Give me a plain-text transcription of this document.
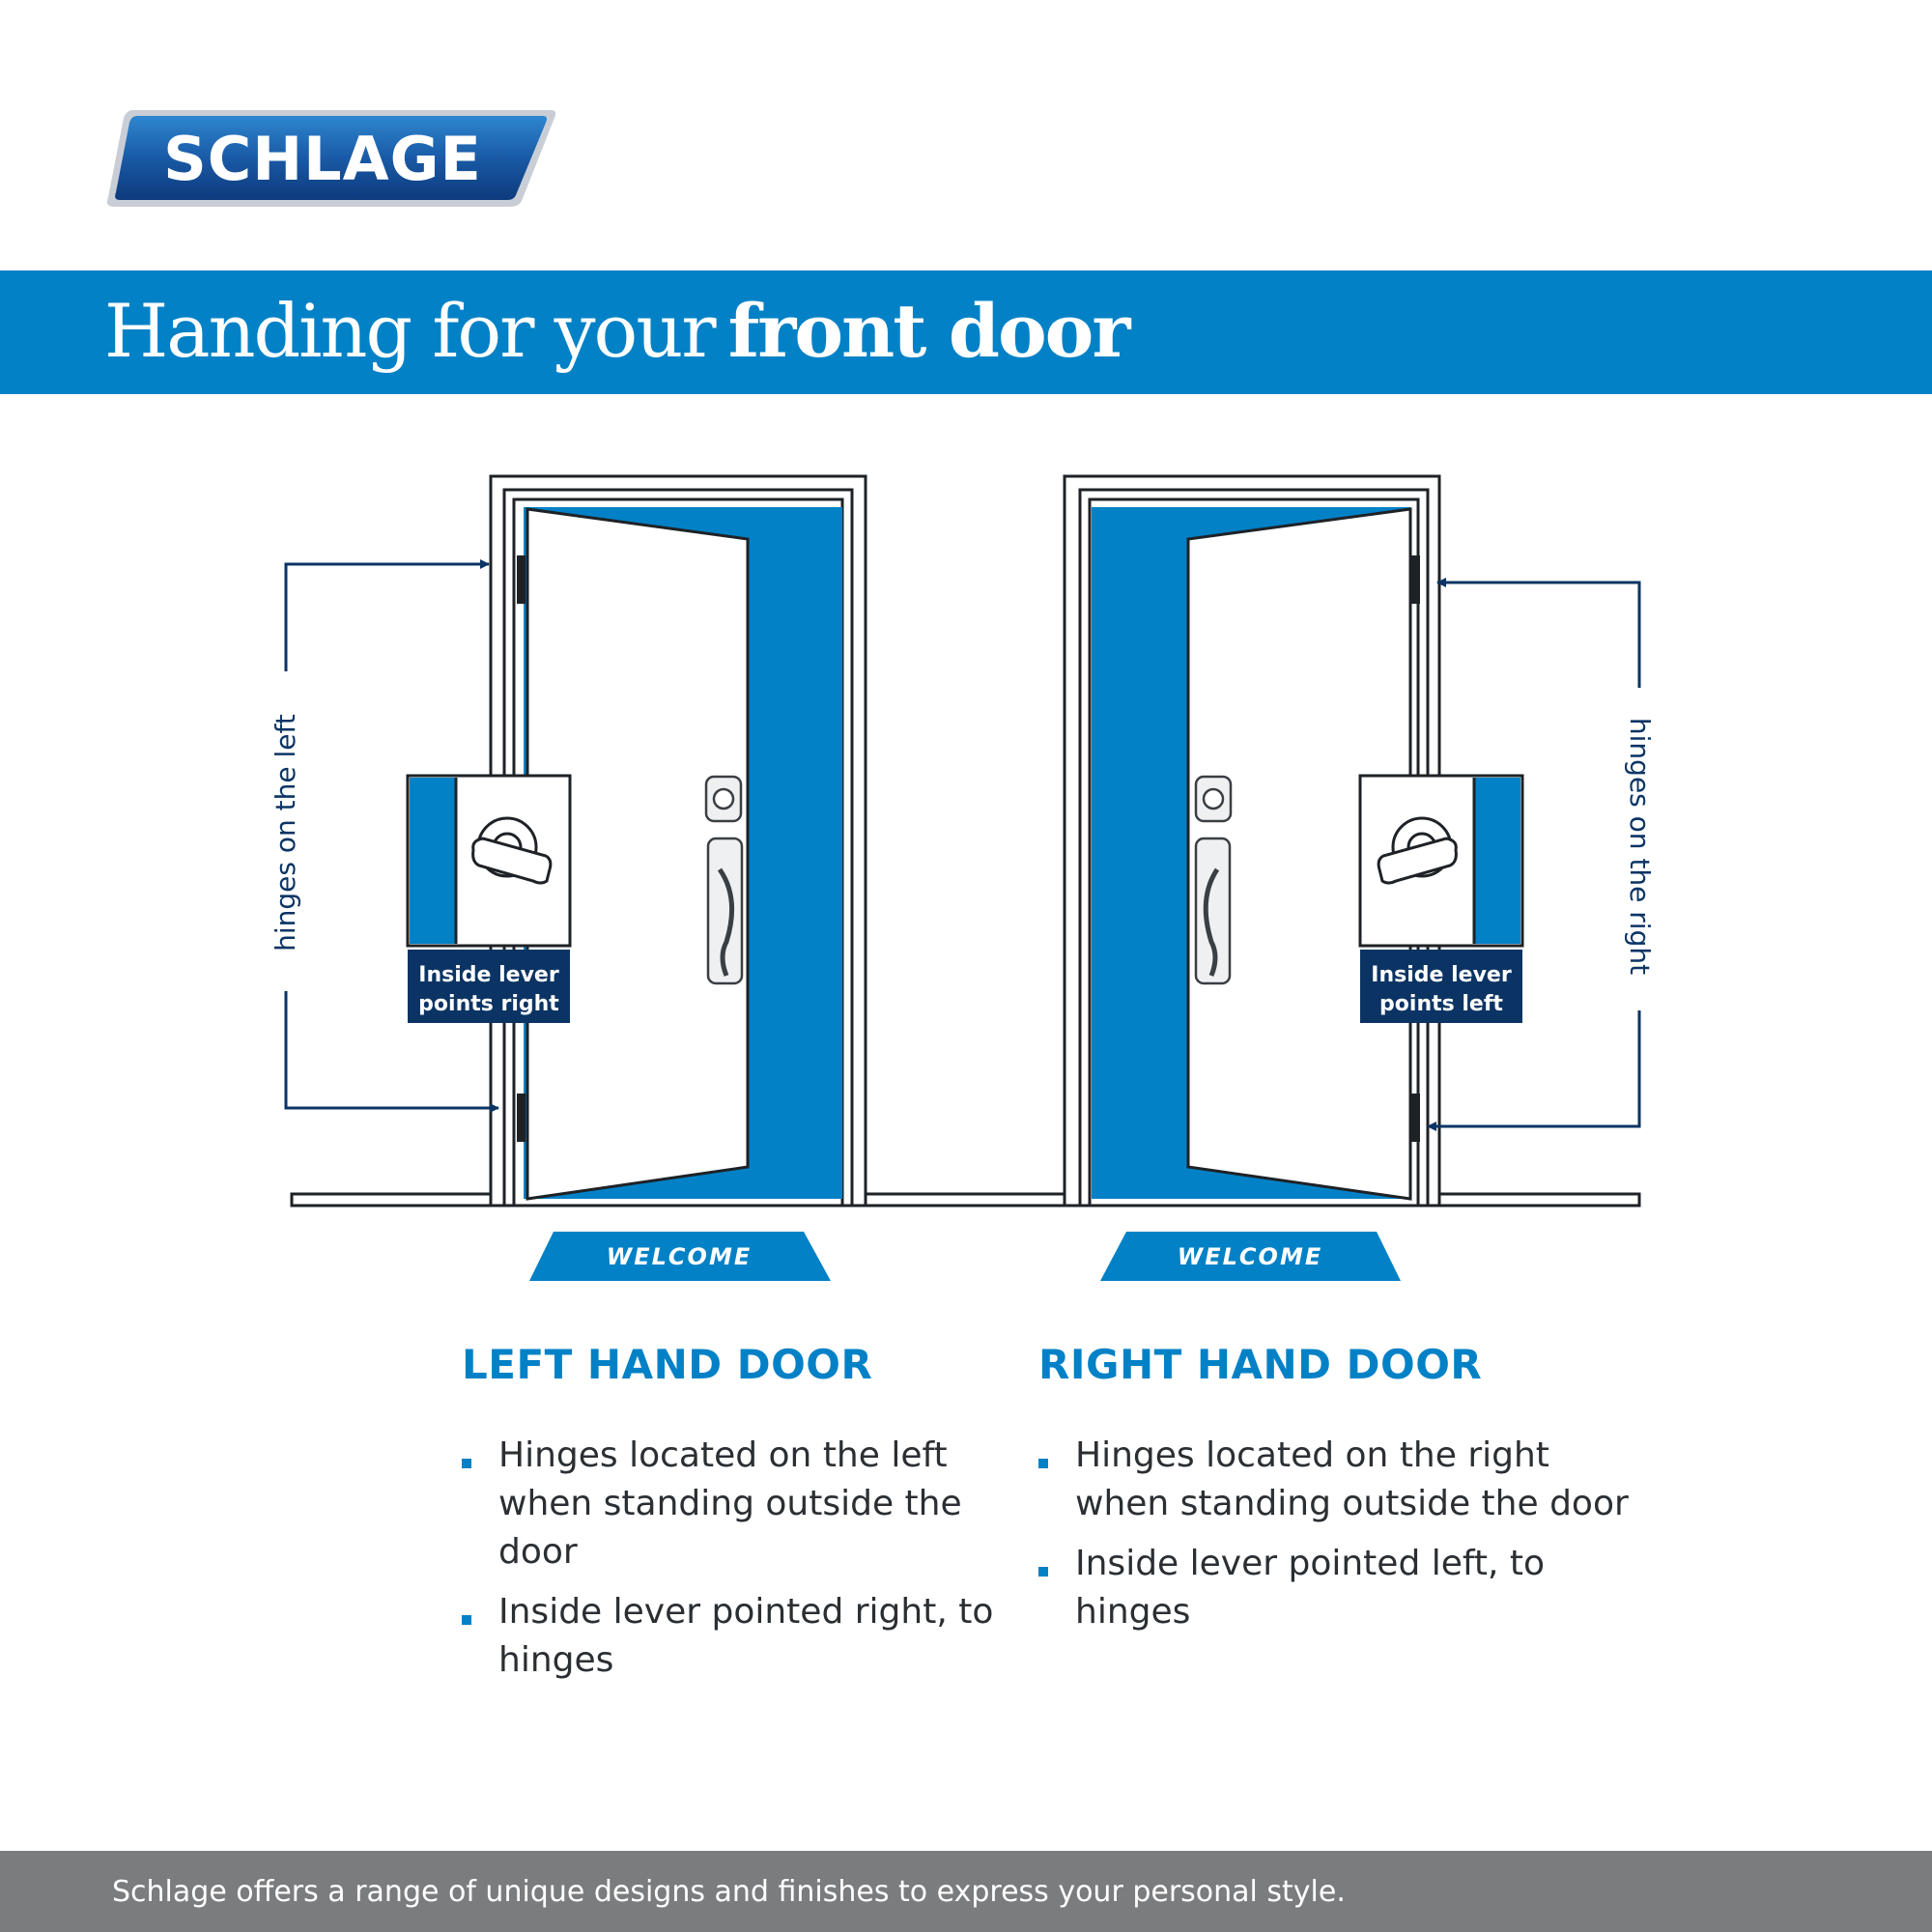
SCHLAGE
Handing for your front door
Inside lever
points right
hinges on the left
WELCOME
Inside lever
points left
hinges on the right
WELCOME
LEFT HAND DOOR
Hinges located on the left
when standing outside the
door
Inside lever pointed right, to
hinges
RIGHT HAND DOOR
Hinges located on the right
when standing outside the door
Inside lever pointed left, to
hinges
Schlage offers a range of unique designs and finishes to express your personal style.
